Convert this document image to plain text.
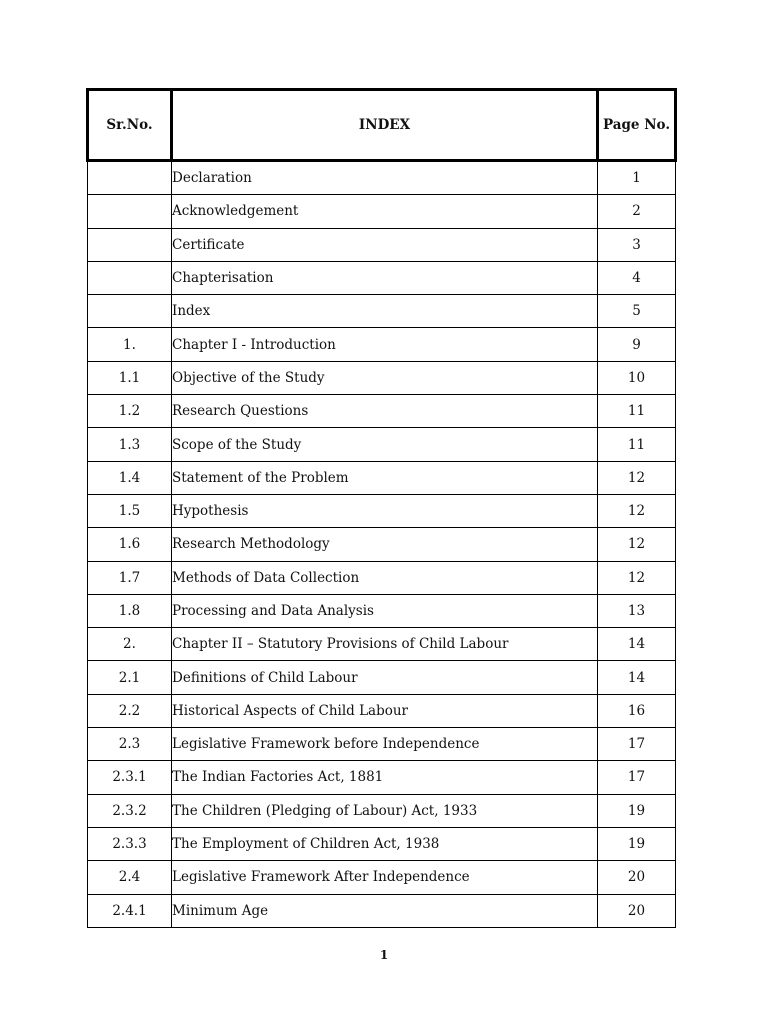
Sr.No.	INDEX	Page No.
	Declaration	1
	Acknowledgement	2
	Certificate	3
	Chapterisation	4
	Index	5
1.	Chapter I - Introduction	9
1.1	Objective of the Study	10
1.2	Research Questions	11
1.3	Scope of the Study	11
1.4	Statement of the Problem	12
1.5	Hypothesis	12
1.6	Research Methodology	12
1.7	Methods of Data Collection	12
1.8	Processing and Data Analysis	13
2.	Chapter II – Statutory Provisions of Child Labour	14
2.1	Definitions of Child Labour	14
2.2	Historical Aspects of Child Labour	16
2.3	Legislative Framework before Independence	17
2.3.1	The Indian Factories Act, 1881	17
2.3.2	The Children (Pledging of Labour) Act, 1933	19
2.3.3	The Employment of Children Act, 1938	19
2.4	Legislative Framework After Independence	20
2.4.1	Minimum Age	20
1
